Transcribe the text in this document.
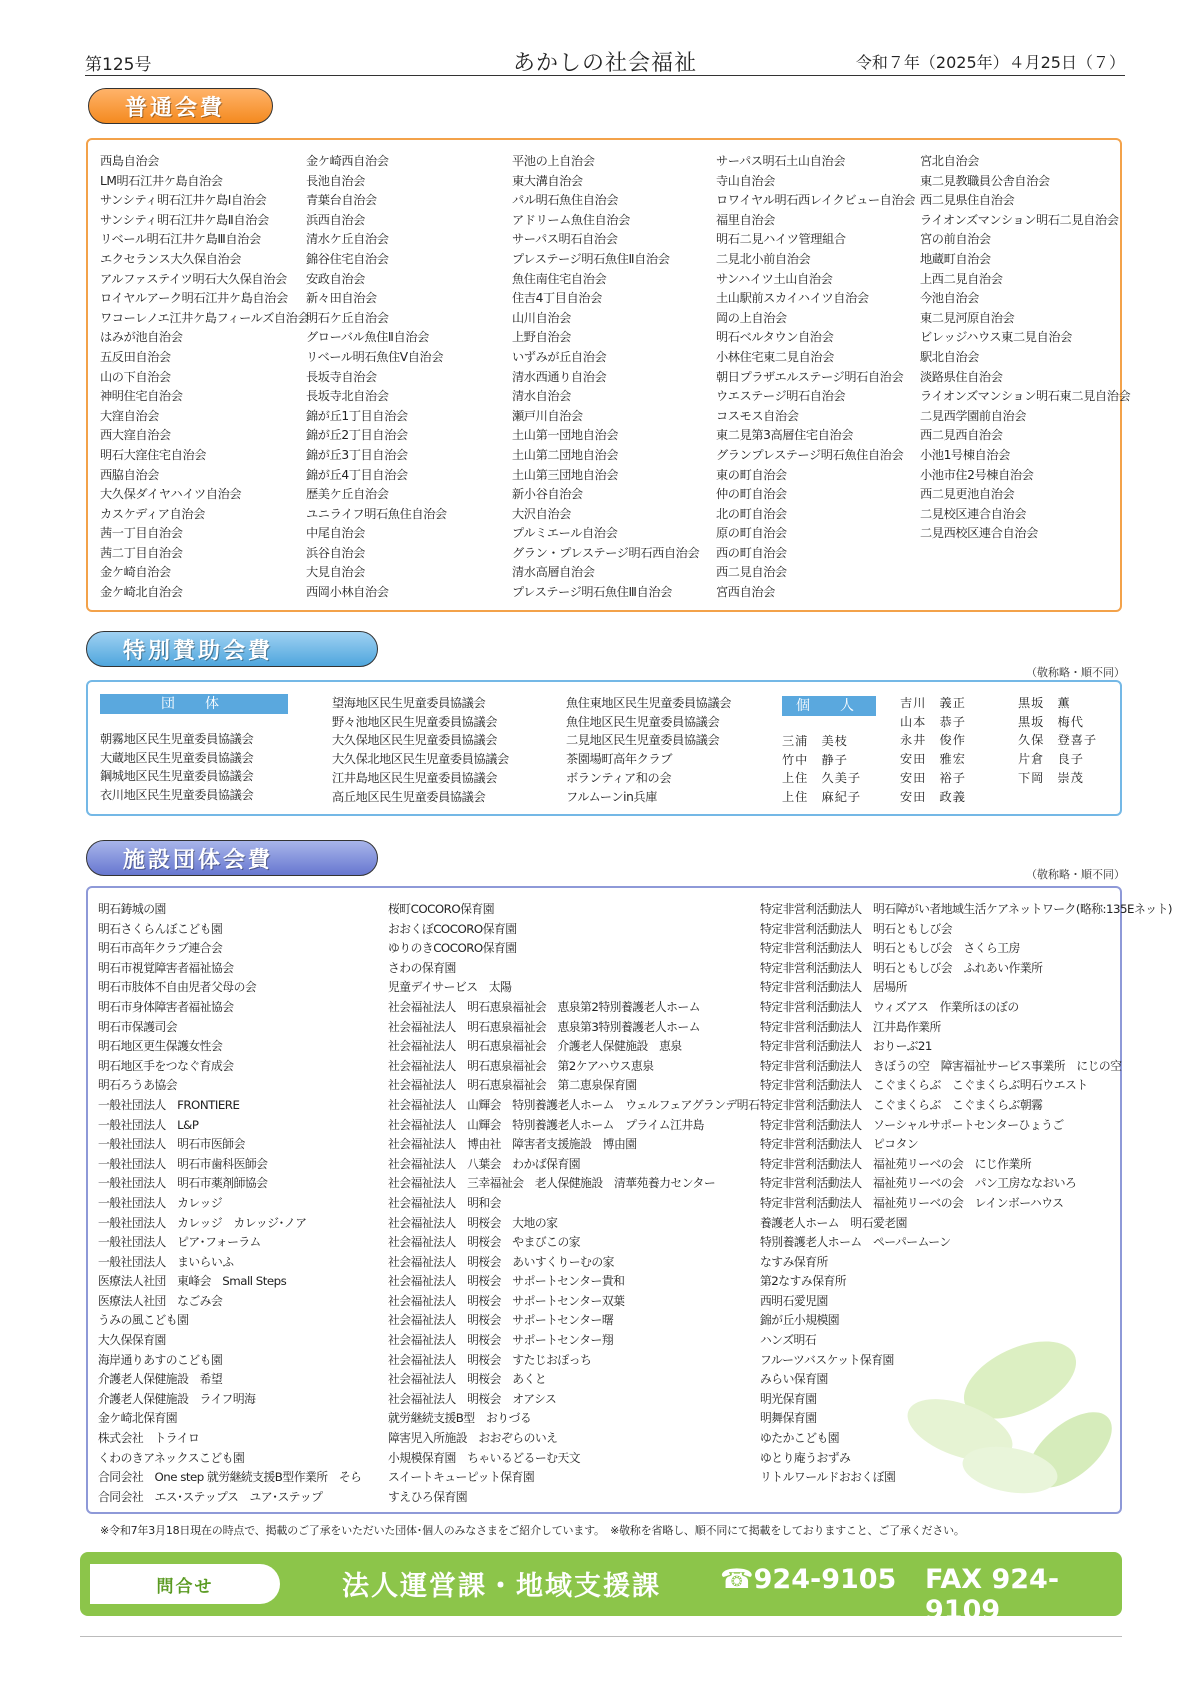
第125号	あかしの社会福祉	令和７年（2025年）４月25日（７）
普通会費
西島自治会
LM明石江井ケ島自治会
サンシティ明石江井ケ島Ⅰ自治会
サンシティ明石江井ケ島Ⅱ自治会
リベール明石江井ケ島Ⅲ自治会
エクセランス大久保自治会
アルファステイツ明石大久保自治会
ロイヤルアーク明石江井ケ島自治会
ワコーレノエ江井ケ島フィールズ自治会
はみが池自治会
五反田自治会
山の下自治会
神明住宅自治会
大窪自治会
西大窪自治会
明石大窪住宅自治会
西脇自治会
大久保ダイヤハイツ自治会
カスケディア自治会
茜一丁目自治会
茜二丁目自治会
金ケ崎自治会
金ケ崎北自治会
金ケ崎西自治会
長池自治会
青葉台自治会
浜西自治会
清水ケ丘自治会
錦谷住宅自治会
安政自治会
新々田自治会
明石ケ丘自治会
グローバル魚住Ⅱ自治会
リベール明石魚住Ⅴ自治会
長坂寺自治会
長坂寺北自治会
錦が丘1丁目自治会
錦が丘2丁目自治会
錦が丘3丁目自治会
錦が丘4丁目自治会
歴美ケ丘自治会
ユニライフ明石魚住自治会
中尾自治会
浜谷自治会
大見自治会
西岡小林自治会
平池の上自治会
東大溝自治会
パル明石魚住自治会
アドリーム魚住自治会
サーパス明石自治会
プレステージ明石魚住Ⅱ自治会
魚住南住宅自治会
住吉4丁目自治会
山川自治会
上野自治会
いずみが丘自治会
清水西通り自治会
清水自治会
瀬戸川自治会
土山第一団地自治会
土山第二団地自治会
土山第三団地自治会
新小谷自治会
大沢自治会
プルミエール自治会
グラン・プレステージ明石西自治会
清水高層自治会
プレステージ明石魚住Ⅲ自治会
サーパス明石土山自治会
寺山自治会
ロワイヤル明石西レイクビュー自治会
福里自治会
明石二見ハイツ管理組合
二見北小前自治会
サンハイツ土山自治会
土山駅前スカイハイツ自治会
岡の上自治会
明石ベルタウン自治会
小林住宅東二見自治会
朝日プラザエルステージ明石自治会
ウエステージ明石自治会
コスモス自治会
東二見第3高層住宅自治会
グランプレステージ明石魚住自治会
東の町自治会
仲の町自治会
北の町自治会
原の町自治会
西の町自治会
西二見自治会
宮西自治会
宮北自治会
東二見教職員公舎自治会
西二見県住自治会
ライオンズマンション明石二見自治会
宮の前自治会
地蔵町自治会
上西二見自治会
今池自治会
東二見河原自治会
ビレッジハウス東二見自治会
駅北自治会
淡路県住自治会
ライオンズマンション明石東二見自治会
二見西学園前自治会
西二見西自治会
小池1号棟自治会
小池市住2号棟自治会
西二見更池自治会
二見校区連合自治会
二見西校区連合自治会
特別賛助会費
（敬称略・順不同）
団　体
朝霧地区民生児童委員協議会
大蔵地区民生児童委員協議会
鋼城地区民生児童委員協議会
衣川地区民生児童委員協議会
望海地区民生児童委員協議会
野々池地区民生児童委員協議会
大久保地区民生児童委員協議会
大久保北地区民生児童委員協議会
江井島地区民生児童委員協議会
高丘地区民生児童委員協議会
魚住東地区民生児童委員協議会
魚住地区民生児童委員協議会
二見地区民生児童委員協議会
茶園場町高年クラブ
ボランティア和の会
フルムーンin兵庫
個　人
三浦　美枝
竹中　静子
上住　久美子
上住　麻紀子
吉川　義正
山本　恭子
永井　俊作
安田　雅宏
安田　裕子
安田　政義
黒坂　薫
黒坂　梅代
久保　登喜子
片倉　良子
下岡　崇茂
施設団体会費
（敬称略・順不同）
明石鋳城の園
明石さくらんぼこども園
明石市高年クラブ連合会
明石市視覚障害者福祉協会
明石市肢体不自由児者父母の会
明石市身体障害者福祉協会
明石市保護司会
明石地区更生保護女性会
明石地区手をつなぐ育成会
明石ろうあ協会
一般社団法人　FRONTIERE
一般社団法人　L&P
一般社団法人　明石市医師会
一般社団法人　明石市歯科医師会
一般社団法人　明石市薬剤師協会
一般社団法人　カレッジ
一般社団法人　カレッジ　カレッジ･ノア
一般社団法人　ピア･フォーラム
一般社団法人　まいらいふ
医療法人社団　東峰会　Small Steps
医療法人社団　なごみ会
うみの風こども園
大久保保育園
海岸通りあすのこども園
介護老人保健施設　希望
介護老人保健施設　ライフ明海
金ケ崎北保育園
株式会社　トライロ
くわのきアネックスこども園
合同会社　One step 就労継続支援B型作業所　そら
合同会社　エス･ステップス　ユア･ステップ
桜町COCORO保育園
おおくぼCOCORO保育園
ゆりのきCOCORO保育園
さわの保育園
児童デイサービス　太陽
社会福祉法人　明石恵泉福祉会　恵泉第2特別養護老人ホーム
社会福祉法人　明石恵泉福祉会　恵泉第3特別養護老人ホーム
社会福祉法人　明石恵泉福祉会　介護老人保健施設　恵泉
社会福祉法人　明石恵泉福祉会　第2ケアハウス恵泉
社会福祉法人　明石恵泉福祉会　第二恵泉保育園
社会福祉法人　山輝会　特別養護老人ホーム　ウェルフェアグランデ明石
社会福祉法人　山輝会　特別養護老人ホーム　プライム江井島
社会福祉法人　博由社　障害者支援施設　博由園
社会福祉法人　八葉会　わかば保育園
社会福祉法人　三幸福祉会　老人保健施設　清華苑養力センター
社会福祉法人　明和会
社会福祉法人　明桜会　大地の家
社会福祉法人　明桜会　やまびこの家
社会福祉法人　明桜会　あいすくりーむの家
社会福祉法人　明桜会　サポートセンター貴和
社会福祉法人　明桜会　サポートセンター双葉
社会福祉法人　明桜会　サポートセンター曙
社会福祉法人　明桜会　サポートセンター翔
社会福祉法人　明桜会　すたじおぽっち
社会福祉法人　明桜会　あくと
社会福祉法人　明桜会　オアシス
就労継続支援B型　おりづる
障害児入所施設　おおぞらのいえ
小規模保育園　ちゃいるどるーむ天文
スイートキューピット保育園
すえひろ保育園
特定非営利活動法人　明石障がい者地域生活ケアネットワーク(略称:135Eネット)
特定非営利活動法人　明石ともしび会
特定非営利活動法人　明石ともしび会　さくら工房
特定非営利活動法人　明石ともしび会　ふれあい作業所
特定非営利活動法人　居場所
特定非営利活動法人　ウィズアス　作業所ほのぼの
特定非営利活動法人　江井島作業所
特定非営利活動法人　おりーぶ21
特定非営利活動法人　きぼうの空　障害福祉サービス事業所　にじの空
特定非営利活動法人　こぐまくらぶ　こぐまくらぶ明石ウエスト
特定非営利活動法人　こぐまくらぶ　こぐまくらぶ朝霧
特定非営利活動法人　ソーシャルサポートセンターひょうご
特定非営利活動法人　ピコタン
特定非営利活動法人　福祉苑リーベの会　にじ作業所
特定非営利活動法人　福祉苑リーベの会　パン工房ななおいろ
特定非営利活動法人　福祉苑リーベの会　レインボーハウス
養護老人ホーム　明石愛老園
特別養護老人ホーム　ペーパームーン
なすみ保育所
第2なすみ保育所
西明石愛児園
錦が丘小規模園
ハンズ明石
フルーツバスケット保育園
みらい保育園
明光保育園
明舞保育園
ゆたかこども園
ゆとり庵うおずみ
リトルワールドおおくぼ園
※令和7年3月18日現在の時点で、掲載のご了承をいただいた団体･個人のみなさまをご紹介しています。　※敬称を省略し、順不同にて掲載をしておりますこと、ご了承ください。
問合せ	法人運営課・地域支援課 ☎924-9105 FAX 924-9109
